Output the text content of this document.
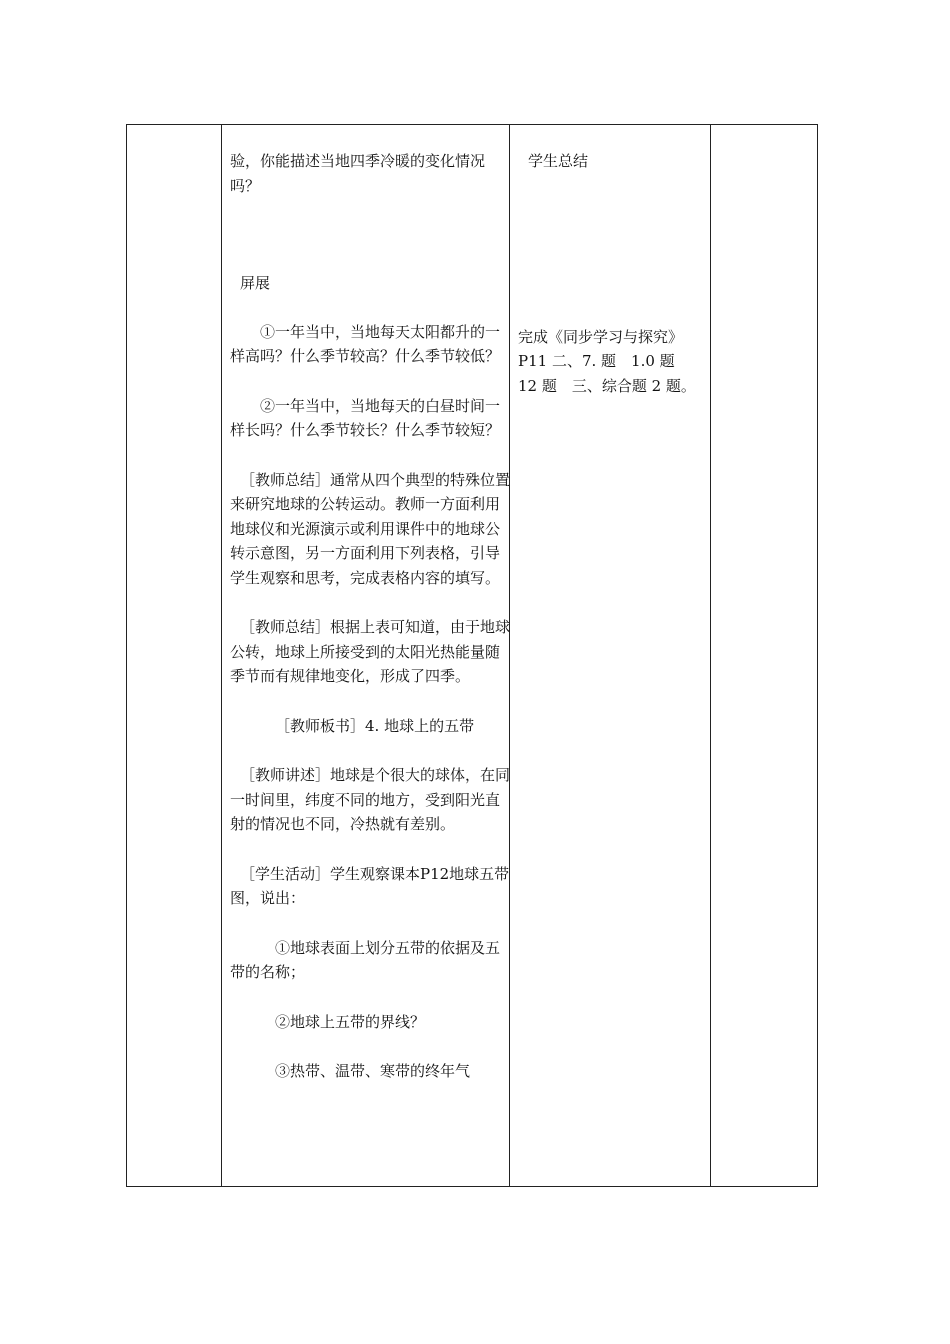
验，你能描述当地四季冷暖的变化情况吗？

屏展

①一年当中，当地每天太阳都升的一样高吗？什么季节较高？什么季节较低？

②一年当中，当地每天的白昼时间一样长吗？什么季节较长？什么季节较短？

［教师总结］通常从四个典型的特殊位置来研究地球的公转运动。教师一方面利用地球仪和光源演示或利用课件中的地球公转示意图，另一方面利用下列表格，引导学生观察和思考，完成表格内容的填写。

［教师总结］根据上表可知道，由于地球公转，地球上所接受到的太阳光热能量随季节而有规律地变化，形成了四季。

［教师板书］4. 地球上的五带

［教师讲述］地球是个很大的球体，在同一时间里，纬度不同的地方，受到阳光直射的情况也不同，冷热就有差别。

［学生活动］学生观察课本P12地球五带图，说出：

①地球表面上划分五带的依据及五带的名称；

②地球上五带的界线？

③热带、温带、寒带的终年气

学生总结

完成《同步学习与探究》P11 二、7. 题　1.0 题　12 题　三、综合题 2 题。
